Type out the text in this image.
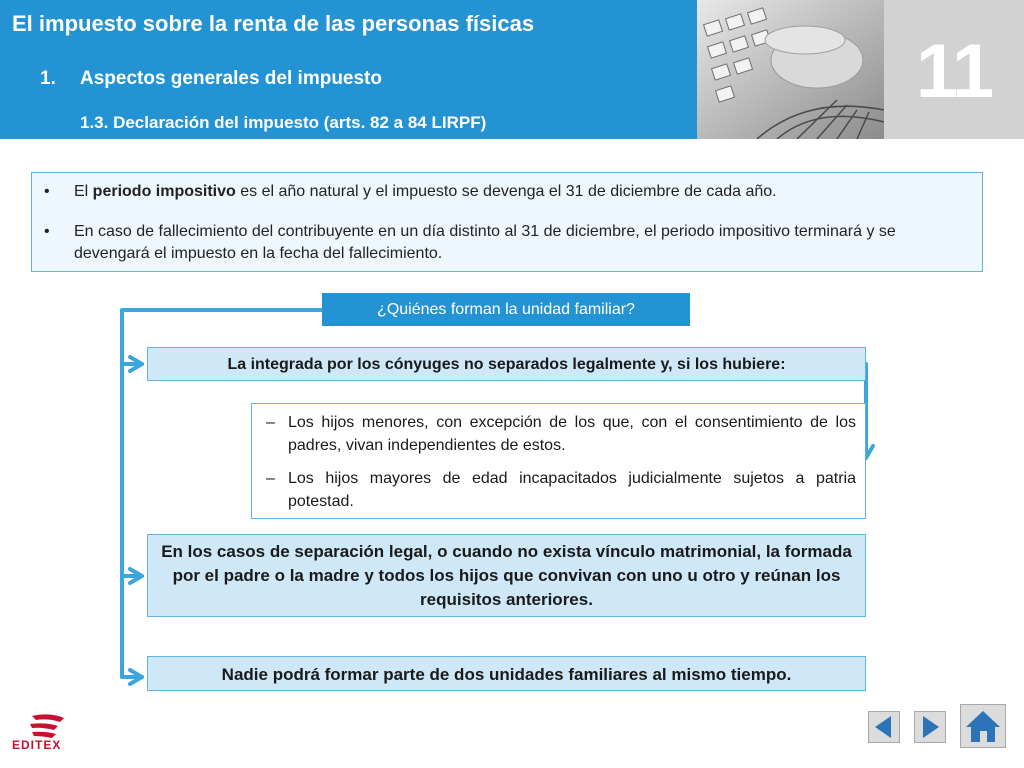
El impuesto sobre la renta de las personas físicas
1. Aspectos generales del impuesto
1.3. Declaración del impuesto (arts. 82 a 84 LIRPF)
11
• El periodo impositivo es el año natural y el impuesto se devenga el 31 de diciembre de cada año.
• En caso de fallecimiento del contribuyente en un día distinto al 31 de diciembre, el periodo impositivo terminará y se devengará el impuesto en la fecha del fallecimiento.
¿Quiénes forman la unidad familiar?
La integrada por los cónyuges no separados legalmente y, si los hubiere:
– Los hijos menores, con excepción de los que, con el consentimiento de los padres, vivan independientes de estos.
– Los hijos mayores de edad incapacitados judicialmente sujetos a patria potestad.
En los casos de separación legal, o cuando no exista vínculo matrimonial, la formada por el padre o la madre y todos los hijos que convivan con uno u otro y reúnan los requisitos anteriores.
Nadie podrá formar parte de dos unidades familiares al mismo tiempo.
EDITEX
